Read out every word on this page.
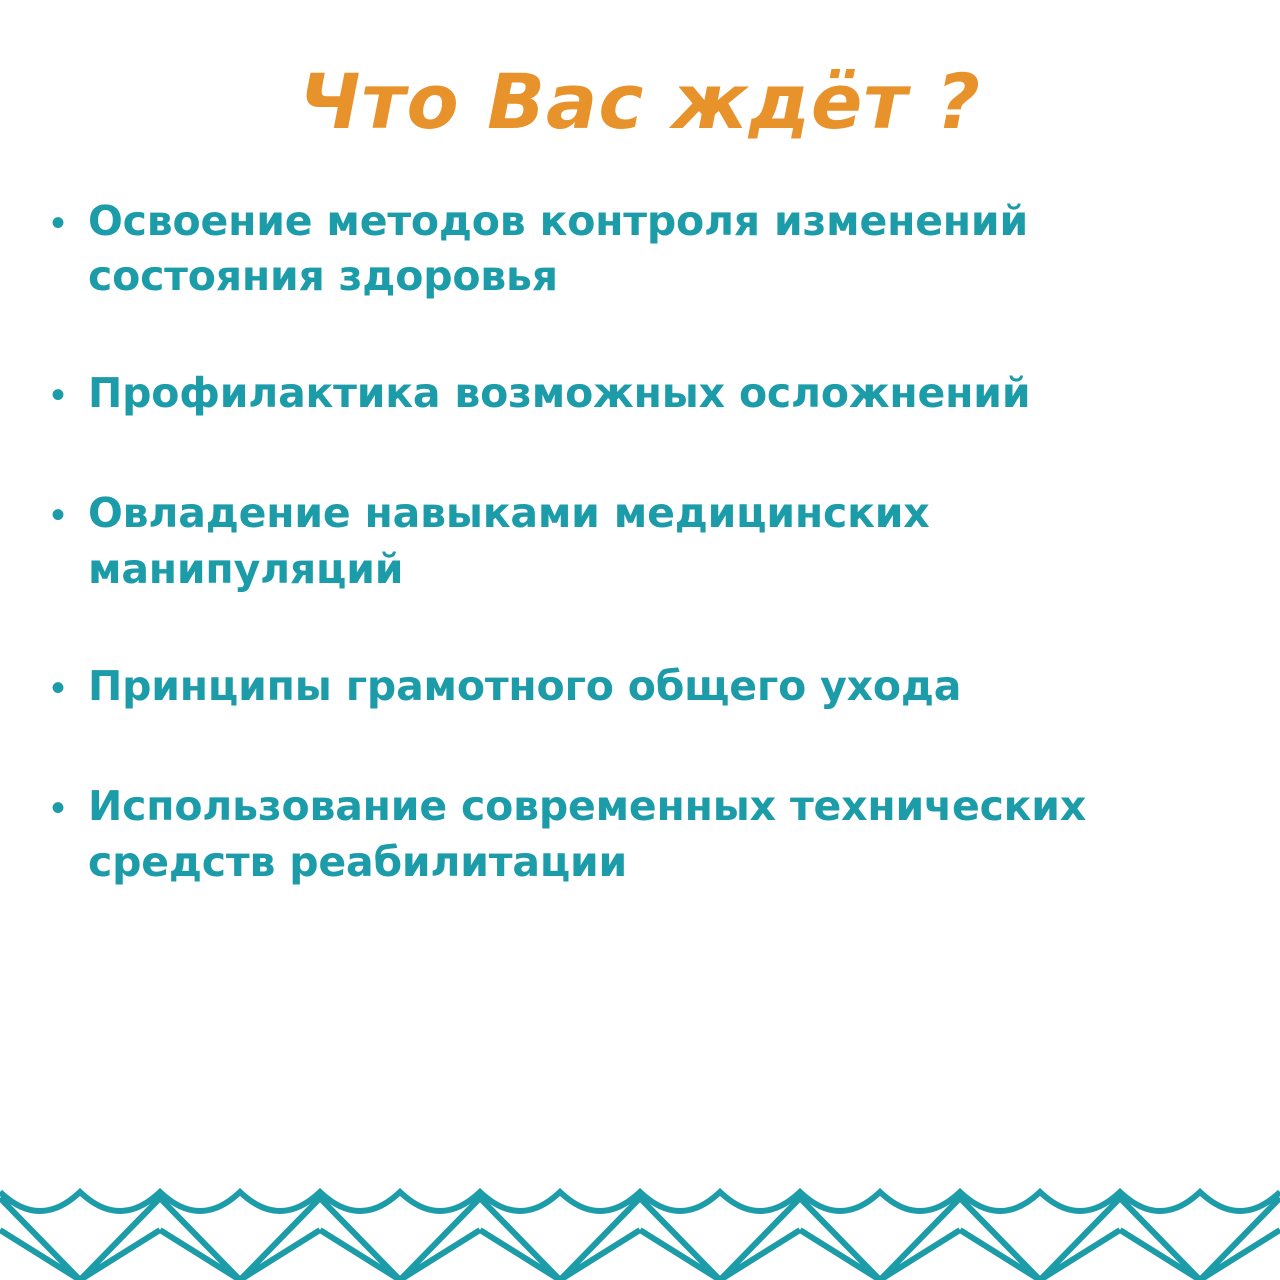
Что Вас ждёт ?
• Освоение методов контроля изменений состояния здоровья
• Профилактика возможных осложнений
• Овладение навыками медицинских манипуляций
• Принципы грамотного общего ухода
• Использование современных технических средств реабилитации
